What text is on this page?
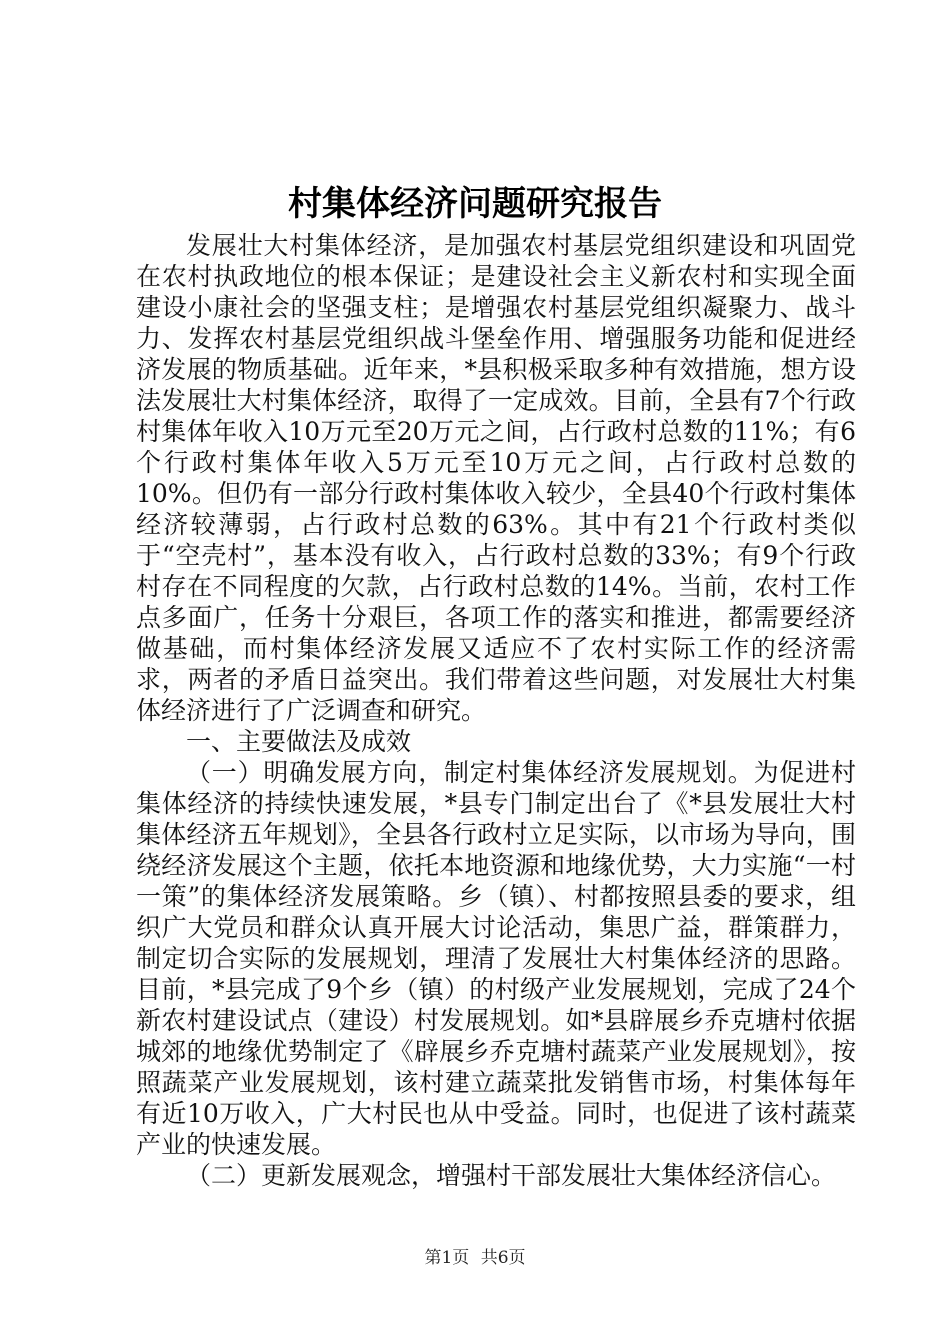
村集体经济问题研究报告

发展壮大村集体经济，是加强农村基层党组织建设和巩固党在农村执政地位的根本保证；是建设社会主义新农村和实现全面建设小康社会的坚强支柱；是增强农村基层党组织凝聚力、战斗力、发挥农村基层党组织战斗堡垒作用、增强服务功能和促进经济发展的物质基础。近年来，*县积极采取多种有效措施，想方设法发展壮大村集体经济，取得了一定成效。目前，全县有7个行政村集体年收入10万元至20万元之间，占行政村总数的11%；有6个行政村集体年收入5万元至10万元之间，占行政村总数的10%。但仍有一部分行政村集体收入较少，全县40个行政村集体经济较薄弱，占行政村总数的63%。其中有21个行政村类似于“空壳村”，基本没有收入，占行政村总数的33%；有9个行政村存在不同程度的欠款，占行政村总数的14%。当前，农村工作点多面广，任务十分艰巨，各项工作的落实和推进，都需要经济做基础，而村集体经济发展又适应不了农村实际工作的经济需求，两者的矛盾日益突出。我们带着这些问题，对发展壮大村集体经济进行了广泛调查和研究。

一、主要做法及成效

（一）明确发展方向，制定村集体经济发展规划。为促进村集体经济的持续快速发展，*县专门制定出台了《*县发展壮大村集体经济五年规划》，全县各行政村立足实际，以市场为导向，围绕经济发展这个主题，依托本地资源和地缘优势，大力实施“一村一策”的集体经济发展策略。乡（镇）、村都按照县委的要求，组织广大党员和群众认真开展大讨论活动，集思广益，群策群力，制定切合实际的发展规划，理清了发展壮大村集体经济的思路。目前，*县完成了9个乡（镇）的村级产业发展规划，完成了24个新农村建设试点（建设）村发展规划。如*县辟展乡乔克塘村依据城郊的地缘优势制定了《辟展乡乔克塘村蔬菜产业发展规划》，按照蔬菜产业发展规划，该村建立蔬菜批发销售市场，村集体每年有近10万收入，广大村民也从中受益。同时，也促进了该村蔬菜产业的快速发展。

（二）更新发展观念，增强村干部发展壮大集体经济信心。

第1页 共6页
